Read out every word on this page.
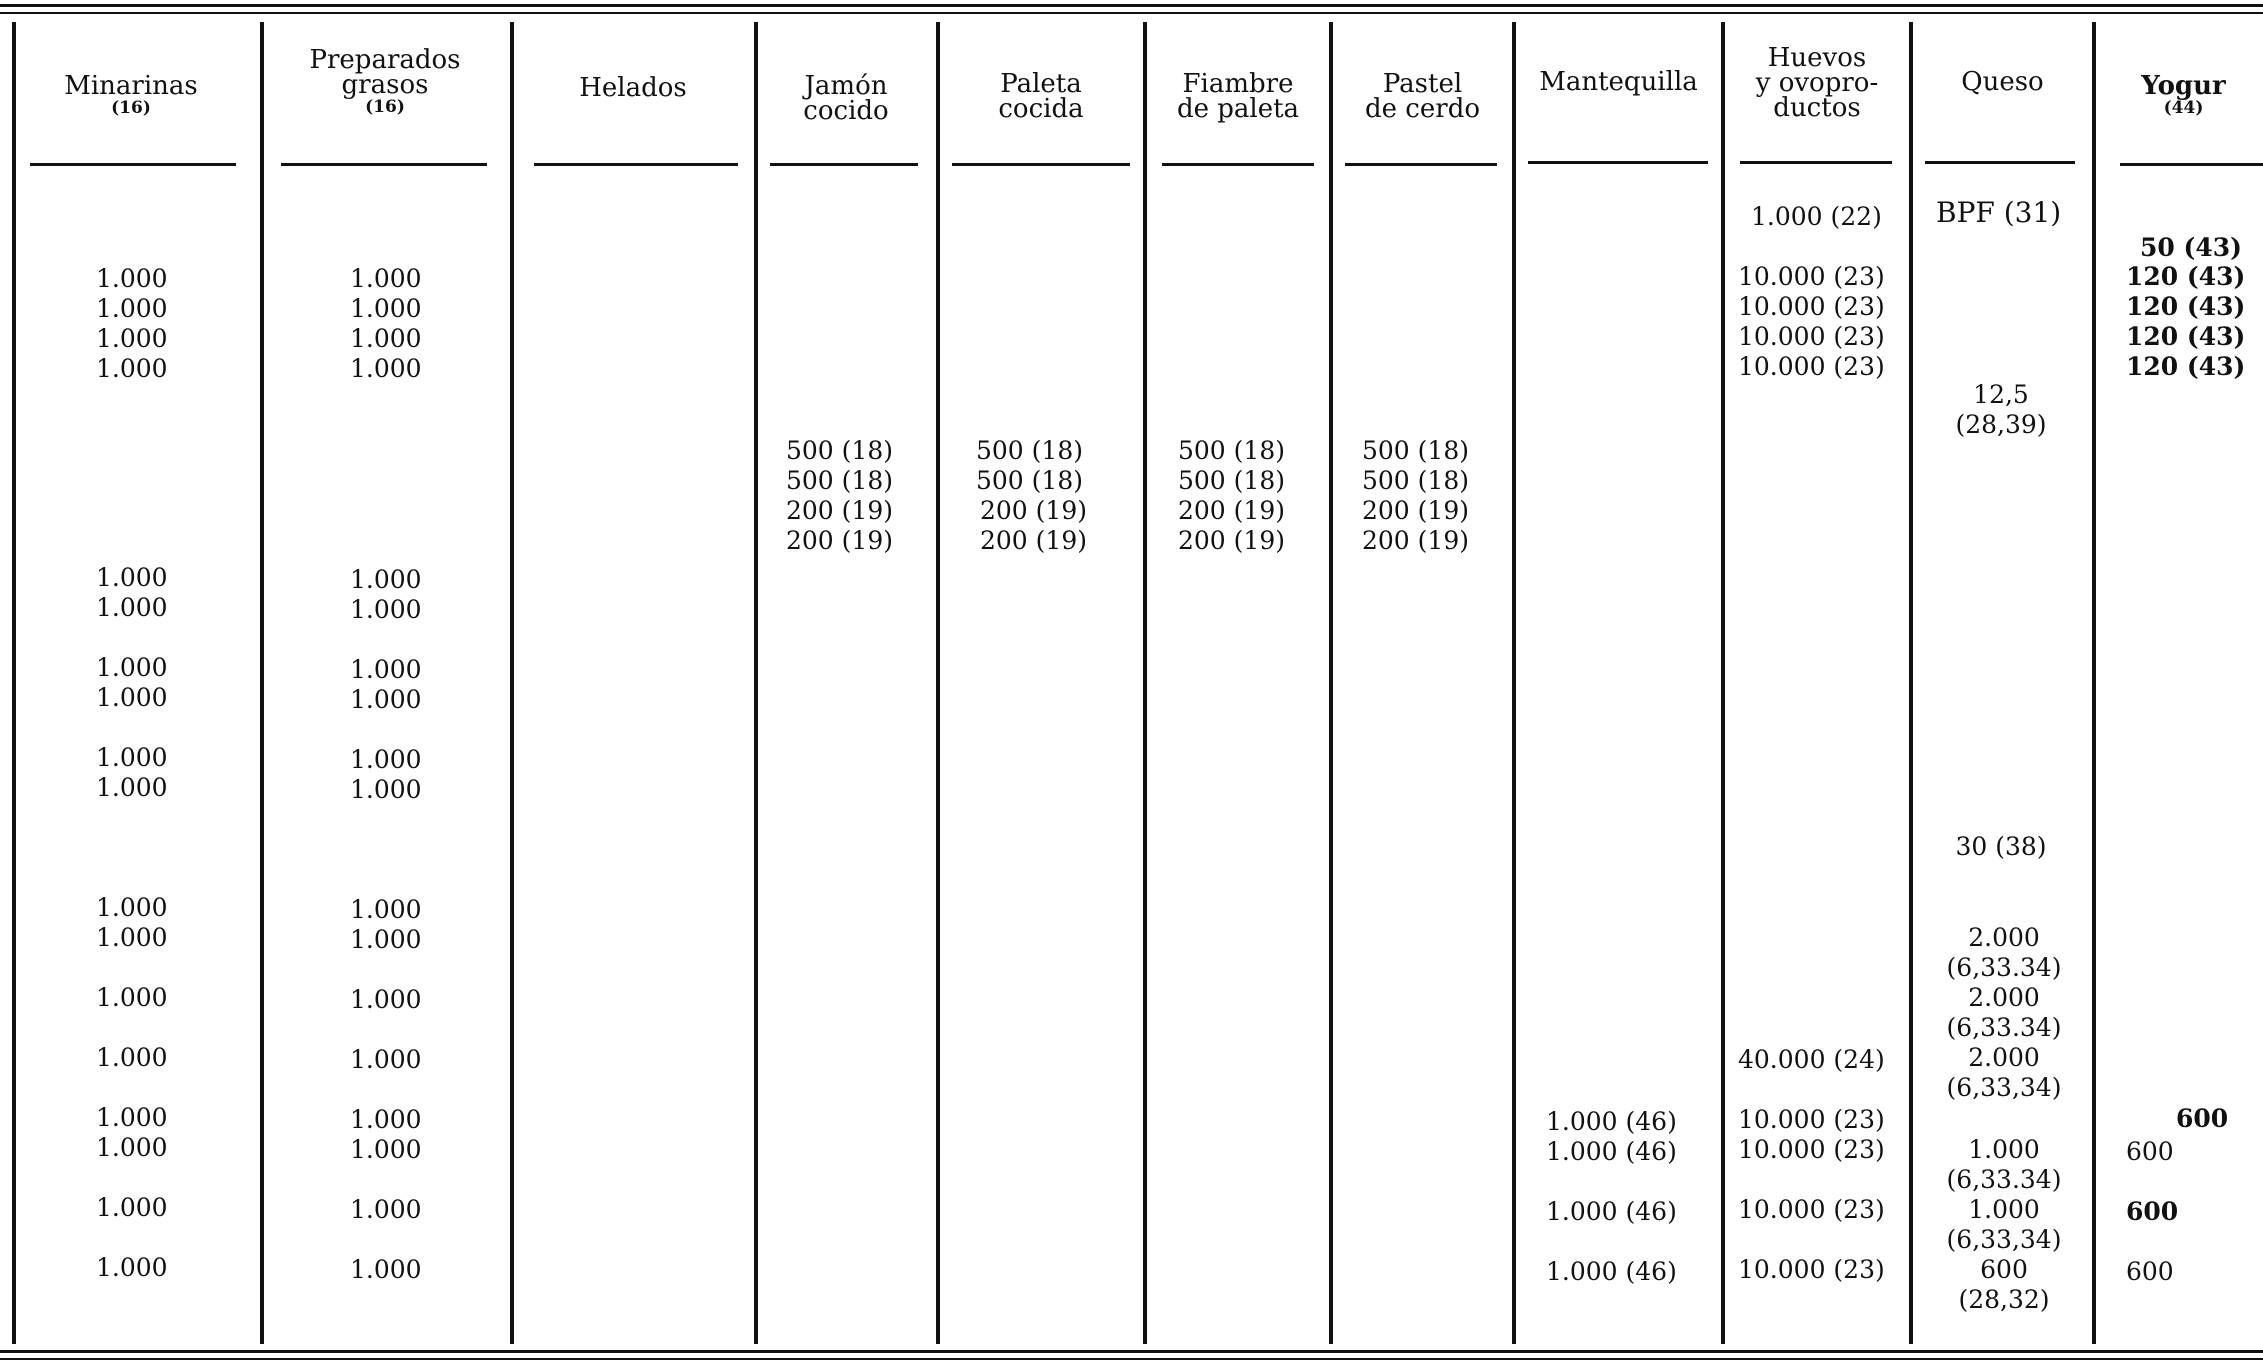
Minarinas
(16)
Preparados
grasos
(16)
Helados	Jamón
cocido
Paleta
cocida
Fiambre
de paleta
Pastel
de cerdo
Mantequilla
Huevos
y ovopro-
ductos
Queso	Yogur
(44)
1.000
1.000
1.000
1.000
1.000
1.000
1.000
1.000
1.000
1.000
1.000
1.000
1.000
1.000
1.000
1.000
1.000
1.000
1.000
1.000
1.000
1.000
1.000
1.000
1.000
1.000
1.000
1.000
1.000
1.000
1.000
1.000
1.000
1.000
1.000
1.000
500 (18)
500 (18)
200 (19)
200 (19)
500 (18)
500 (18)
200 (19)
200 (19)
500 (18)
500 (18)
200 (19)
200 (19)
500 (18)
500 (18)
200 (19)
200 (19)
1.000 (46)
1.000 (46)
1.000 (46)
1.000 (46)
1.000 (22)
10.000 (23)
10.000 (23)
10.000 (23)
10.000 (23)
40.000 (24)
10.000 (23)
10.000 (23)
10.000 (23)
10.000 (23)
BPF (31)
12,5
(28,39)
30 (38)
2.000
(6,33.34)
2.000
(6,33.34)
2.000
(6,33,34)
1.000
(6,33.34)
1.000
(6,33,34)
600
(28,32)
50 (43)
120 (43)
120 (43)
120 (43)
120 (43)
600
600
600
600
